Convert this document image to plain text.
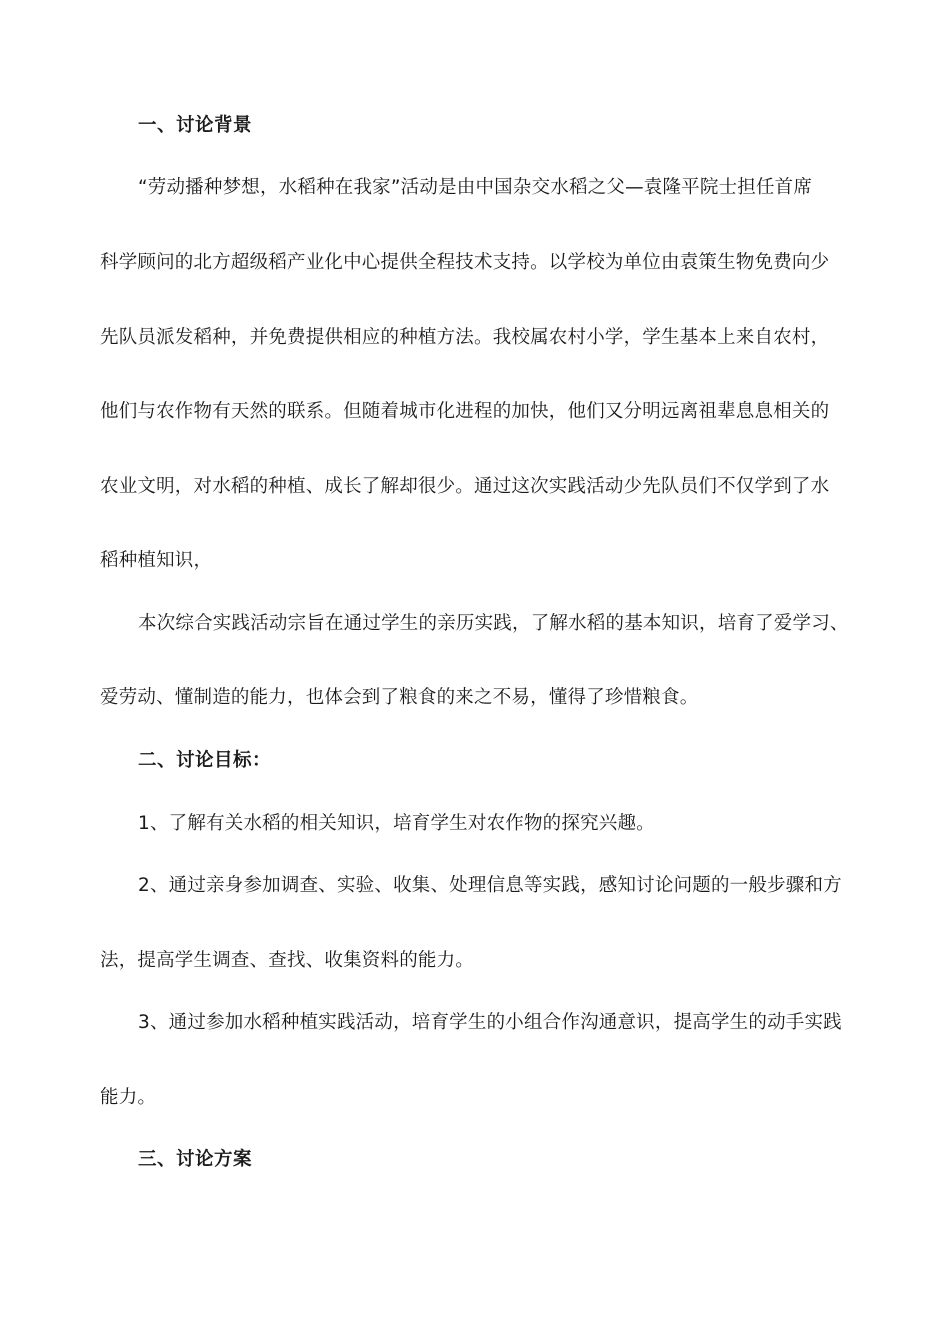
一、讨论背景
“劳动播种梦想，水稻种在我家”活动是由中国杂交水稻之父—袁隆平院士担任首席
科学顾问的北方超级稻产业化中心提供全程技术支持。以学校为单位由袁策生物免费向少
先队员派发稻种，并免费提供相应的种植方法。我校属农村小学，学生基本上来自农村，
他们与农作物有天然的联系。但随着城市化进程的加快，他们又分明远离祖辈息息相关的
农业文明，对水稻的种植、成长了解却很少。通过这次实践活动少先队员们不仅学到了水
稻种植知识，
本次综合实践活动宗旨在通过学生的亲历实践，了解水稻的基本知识，培育了爱学习、
爱劳动、懂制造的能力，也体会到了粮食的来之不易，懂得了珍惜粮食。
二、讨论目标：
1、了解有关水稻的相关知识，培育学生对农作物的探究兴趣。
2、通过亲身参加调查、实验、收集、处理信息等实践，感知讨论问题的一般步骤和方
法，提高学生调查、查找、收集资料的能力。
3、通过参加水稻种植实践活动，培育学生的小组合作沟通意识，提高学生的动手实践
能力。
三、讨论方案
